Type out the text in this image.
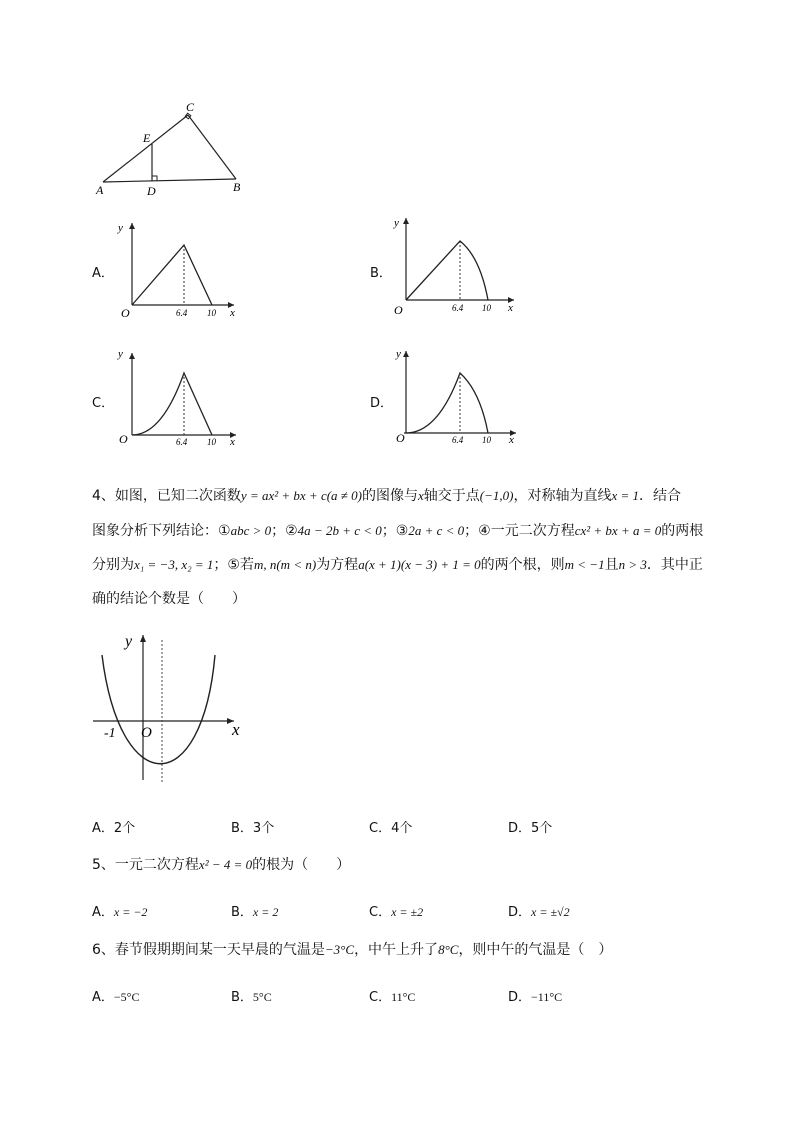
A	B
C
D
E
A．
y
O	6.4 10 x
B．
y
O	6.4 10 x
C．
y
O	6.4 10 x
D．
y
O	6.4 10 x
4、如图，已知二次函数y = ax² + bx + c(a ≠ 0)的图像与x轴交于点(−1,0)，对称轴为直线x = 1．结合
图象分析下列结论：①abc > 0；②4a − 2b + c < 0；③2a + c < 0；④一元二次方程cx² + bx + a = 0的两根
分别为x₁ = −3, x₂ = 1；⑤若m, n(m < n)为方程a(x + 1)(x − 3) + 1 = 0的两个根，则m < −1且n > 3．其中正
确的结论个数是（　　）
y
x
-1 O
A．2个	B．3个	C．4个	D．5个
5、一元二次方程x² − 4 = 0的根为（　　）
A．x = −2	B．x = 2	C．x = ±2	D．x = ±√2
6、春节假期期间某一天早晨的气温是−3°C，中午上升了8°C，则中午的气温是（　）
A．−5°C	B．5°C	C．11°C	D．−11°C
